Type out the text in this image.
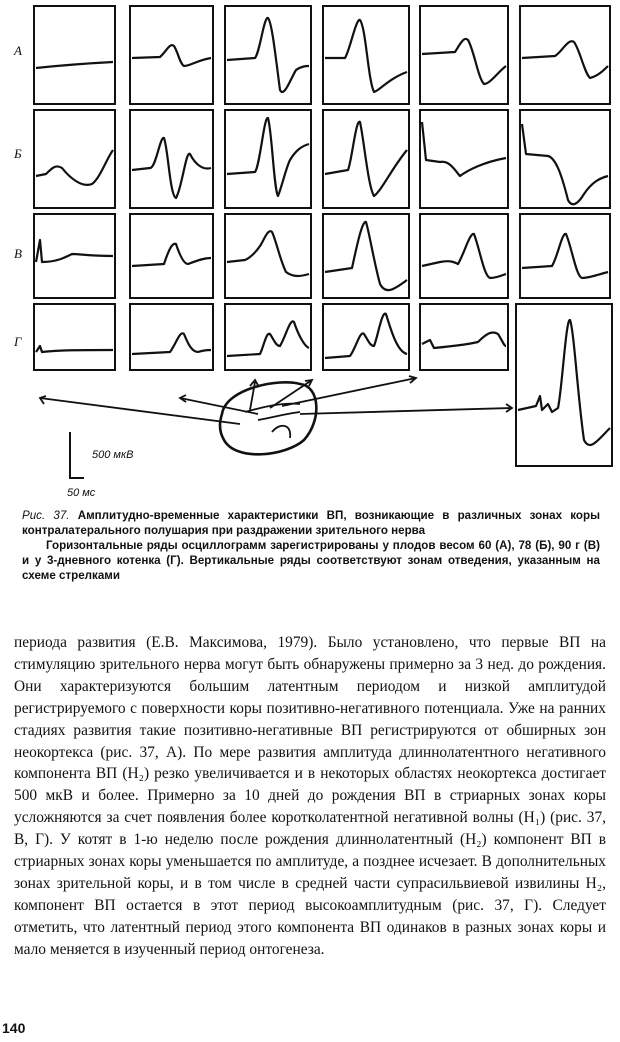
А
Б
В
Г
500 мкВ
50 мс

Рис. 37. Амплитудно-временные характеристики ВП, возникающие в различных зонах коры контралатерального полушария при раздражении зрительного нерва

Горизонтальные ряды осциллограмм зарегистрированы у плодов весом 60 (А), 78 (Б), 90 г (В) и у 3-дневного котенка (Г). Вертикальные ряды соответствуют зонам отведения, указанным на схеме стрелками

периода развития (Е.В. Максимова, 1979). Было установлено, что первые ВП на стимуляцию зрительного нерва могут быть обнаружены примерно за 3 нед. до рождения. Они характеризуются большим латентным периодом и низкой амплитудой регистрируемого с поверхности коры позитивно-негативного потенциала. Уже на ранних стадиях развития такие позитивно-негативные ВП регистрируются от обширных зон неокортекса (рис. 37, А). По мере развития амплитуда длиннолатентного негативного компонента ВП (H₂) резко увеличивается и в некоторых областях неокортекса достигает 500 мкВ и более. Примерно за 10 дней до рождения ВП в стриарных зонах коры усложняются за счет появления более коротколатентной негативной волны (H₁) (рис. 37, В, Г). У котят в 1-ю неделю после рождения длиннолатентный (H₂) компонент ВП в стриарных зонах коры уменьшается по амплитуде, а позднее исчезает. В дополнительных зонах зрительной коры, и в том числе в средней части супрасильвиевой извилины H₂, компонент ВП остается в этот период высокоамплитудным (рис. 37, Г). Следует отметить, что латентный период этого компонента ВП одинаков в разных зонах коры и мало меняется в изученный период онтогенеза.

140
